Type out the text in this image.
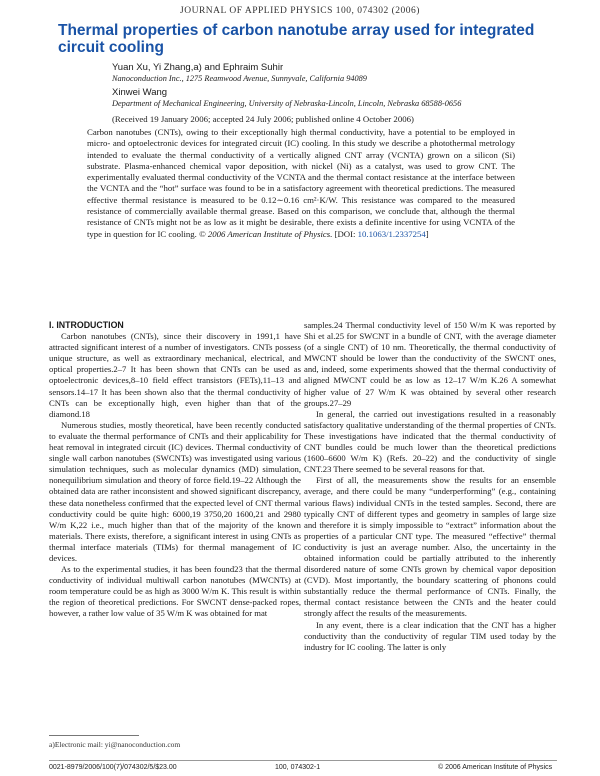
JOURNAL OF APPLIED PHYSICS 100, 074302 (2006)
Thermal properties of carbon nanotube array used for integrated circuit cooling
Yuan Xu, Yi Zhang,a) and Ephraim Suhir
Nanoconduction Inc., 1275 Reamwood Avenue, Sunnyvale, California 94089
Xinwei Wang
Department of Mechanical Engineering, University of Nebraska-Lincoln, Lincoln, Nebraska 68588-0656
(Received 19 January 2006; accepted 24 July 2006; published online 4 October 2006)
Carbon nanotubes (CNTs), owing to their exceptionally high thermal conductivity, have a potential to be employed in micro- and optoelectronic devices for integrated circuit (IC) cooling. In this study we describe a photothermal metrology intended to evaluate the thermal conductivity of a vertically aligned CNT array (VCNTA) grown on a silicon (Si) substrate. Plasma-enhanced chemical vapor deposition, with nickel (Ni) as a catalyst, was used to grow CNT. The experimentally evaluated thermal conductivity of the VCNTA and the thermal contact resistance at the interface between the VCNTA and the “hot” surface was found to be in a satisfactory agreement with theoretical predictions. The measured effective thermal resistance is measured to be 0.12∼0.16 cm²·K/W. This resistance was compared to the measured resistance of commercially available thermal grease. Based on this comparison, we conclude that, although the thermal resistance of CNTs might not be as low as it might be desirable, there exists a definite incentive for using VCNTA of the type in question for IC cooling. © 2006 American Institute of Physics. [DOI: 10.1063/1.2337254]

I. INTRODUCTION

Carbon nanotubes (CNTs), since their discovery in 1991,1 have attracted significant interest of a number of investigators. CNTs possess unique structure, as well as extraordinary mechanical, electrical, and optical properties.2–7 It has been shown that CNTs can be used as optoelectronic devices,8–10 field effect transistors (FETs),11–13 and sensors.14–17 It has been shown also that the thermal conductivity of CNTs can be exceptionally high, even higher than that of the diamond.18

Numerous studies, mostly theoretical, have been recently conducted to evaluate the thermal performance of CNTs and their applicability for heat removal in integrated circuit (IC) devices. Thermal conductivity of single wall carbon nanotubes (SWCNTs) was investigated using various simulation techniques, such as molecular dynamics (MD) simulation, nonequilibrium simulation and theory of force field.19–22 Although the obtained data are rather inconsistent and showed significant discrepancy, these data nonetheless confirmed that the expected level of CNT thermal conductivity could be quite high: 6000,19 3750,20 1600,21 and 2980 W/m K,22 i.e., much higher than that of the majority of the known materials. There exists, therefore, a significant interest in using CNTs as thermal interface materials (TIMs) for thermal management of IC devices.

As to the experimental studies, it has been found23 that the thermal conductivity of individual multiwall carbon nanotubes (MWCNTs) at room temperature could be as high as 3000 W/m K. This result is within the region of theoretical predictions. For SWCNT dense-packed ropes, however, a rather low value of 35 W/m K was obtained for mat

samples.24 Thermal conductivity level of 150 W/m K was reported by Shi et al.25 for SWCNT in a bundle of CNT, with the average diameter (of a single CNT) of 10 nm. Theoretically, the thermal conductivity of MWCNT should be lower than the conductivity of the SWCNT ones, and, indeed, some experiments showed that the thermal conductivity of aligned MWCNT could be as low as 12–17 W/m K.26 A somewhat higher value of 27 W/m K was obtained by several other research groups.27–29

In general, the carried out investigations resulted in a reasonably satisfactory qualitative understanding of the thermal properties of CNTs. These investigations have indicated that the thermal conductivity of CNT bundles could be much lower than the theoretical predictions (1600–6600 W/m K) (Refs. 20–22) and the conductivity of single CNT.23 There seemed to be several reasons for that.

First of all, the measurements show the results for an ensemble average, and there could be many “underperforming” (e.g., containing various flaws) individual CNTs in the tested samples. Second, there are typically CNT of different types and geometry in samples of large size and therefore it is simply impossible to “extract” information about the properties of a particular CNT type. The measured “effective” thermal conductivity is just an average number. Also, the uncertainty in the obtained information could be partially attributed to the inherently disordered nature of some CNTs grown by chemical vapor deposition (CVD). Most importantly, the boundary scattering of phonons could substantially reduce the thermal performance of CNTs. Finally, the thermal contact resistance between the CNTs and the heater could strongly affect the results of the measurements.

In any event, there is a clear indication that the CNT has a higher conductivity than the conductivity of regular TIM used today by the industry for IC cooling. The latter is only

a)Electronic mail: yi@nanoconduction.com
0021-8979/2006/100(7)/074302/5/$23.00	100, 074302-1	© 2006 American Institute of Physics
